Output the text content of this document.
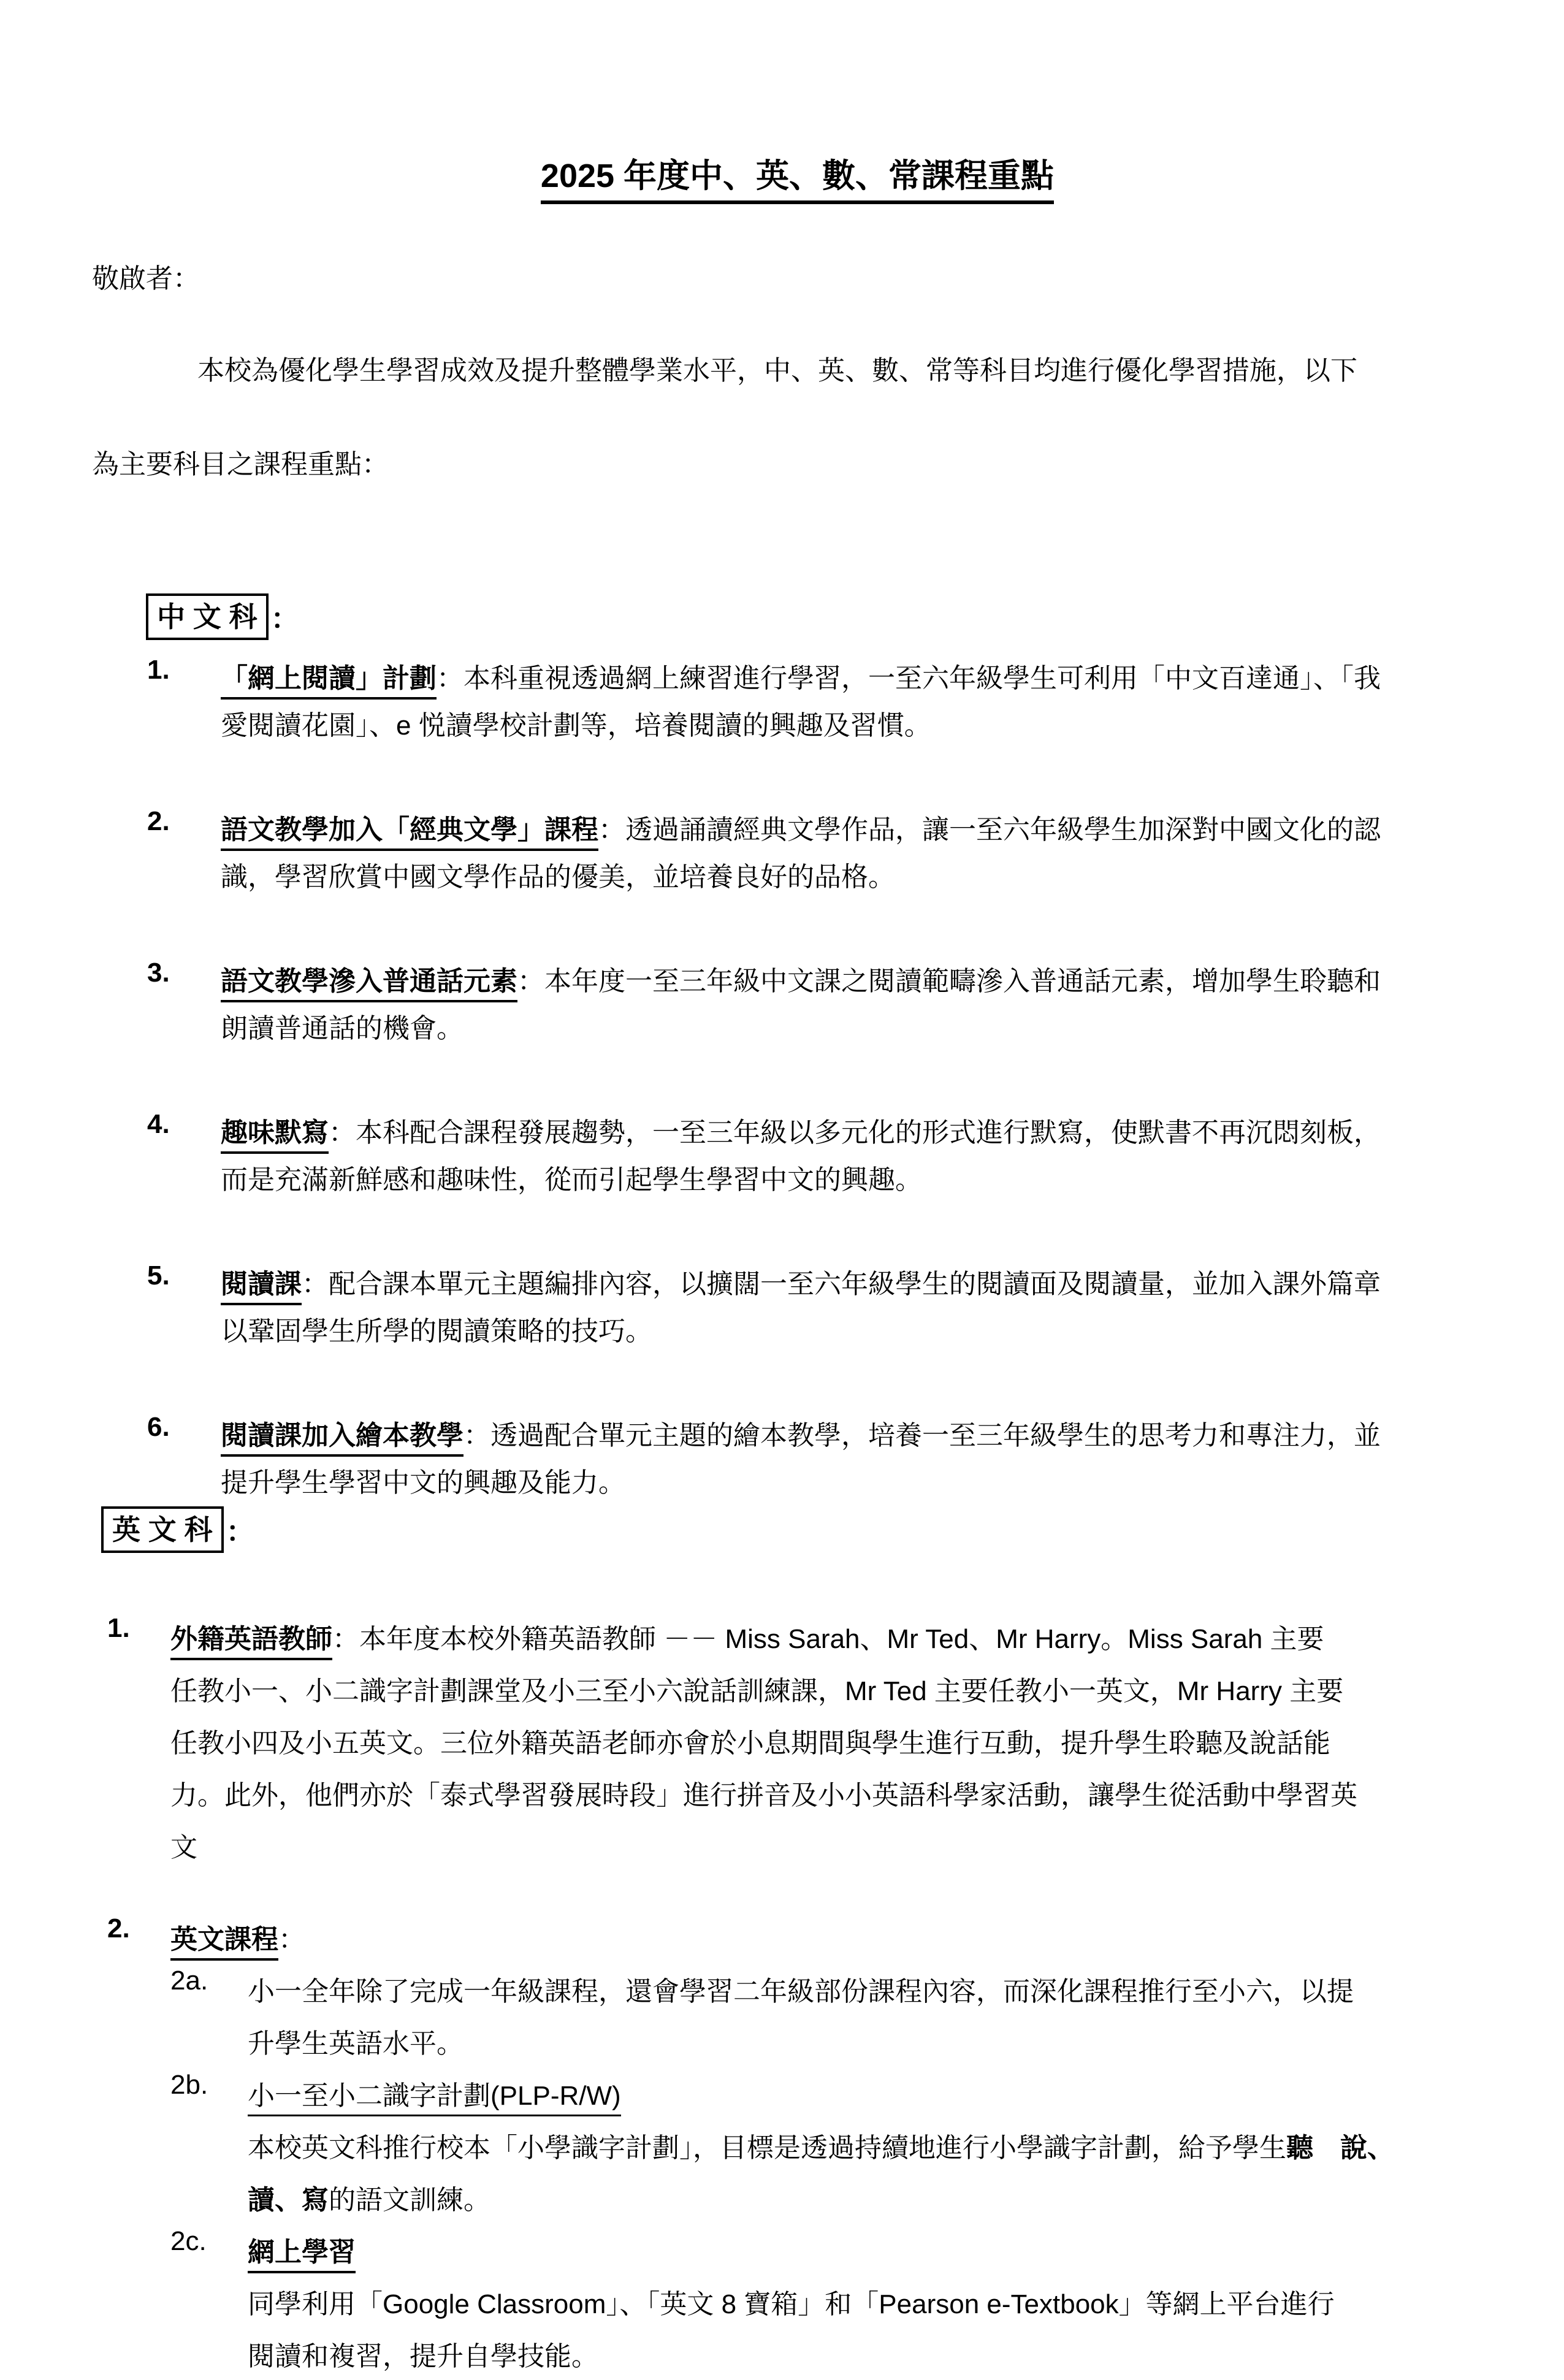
2025 年度中、英、數、常課程重點
敬啟者：
本校為優化學生學習成效及提升整體學業水平，中、英、數、常等科目均進行優化學習措施，以下
為主要科目之課程重點：
中 文 科 ：
1.	「網上閱讀」計劃：本科重視透過網上練習進行學習，一至六年級學生可利用「中文百達通」、「我
愛閱讀花園」、e 悦讀學校計劃等，培養閱讀的興趣及習慣。
2.	語文教學加入「經典文學」課程：透過誦讀經典文學作品，讓一至六年級學生加深對中國文化的認
識，學習欣賞中國文學作品的優美，並培養良好的品格。
3.	語文教學滲入普通話元素：本年度一至三年級中文課之閱讀範疇滲入普通話元素，增加學生聆聽和
朗讀普通話的機會。
4.	趣味默寫：本科配合課程發展趨勢，一至三年級以多元化的形式進行默寫，使默書不再沉悶刻板，
而是充滿新鮮感和趣味性，從而引起學生學習中文的興趣。
5.	閱讀課：配合課本單元主題編排內容，以擴闊一至六年級學生的閱讀面及閱讀量，並加入課外篇章
以鞏固學生所學的閱讀策略的技巧。
6.	閱讀課加入繪本教學：透過配合單元主題的繪本教學，培養一至三年級學生的思考力和專注力，並
提升學生學習中文的興趣及能力。
英 文 科 ：
1.	外籍英語教師：本年度本校外籍英語教師 －－ Miss Sarah、Mr Ted、Mr Harry。Miss Sarah 主要
任教小一、小二識字計劃課堂及小三至小六說話訓練課，Mr Ted 主要任教小一英文，Mr Harry 主要
任教小四及小五英文。三位外籍英語老師亦會於小息期間與學生進行互動，提升學生聆聽及說話能
力。此外，他們亦於「泰式學習發展時段」進行拼音及小小英語科學家活動，讓學生從活動中學習英
文
2.	英文課程：
2a.	小一全年除了完成一年級課程，還會學習二年級部份課程內容，而深化課程推行至小六，以提
升學生英語水平。
2b.	小一至小二識字計劃(PLP-R/W)
本校英文科推行校本「小學識字計劃」，目標是透過持續地進行小學識字計劃，給予學生聽　 說、
讀、寫的語文訓練。
2c.	網上學習
同學利用「Google Classroom」、「英文 8 寶箱」和「Pearson e-Textbook」等網上平台進行
閱讀和複習，提升自學技能。
